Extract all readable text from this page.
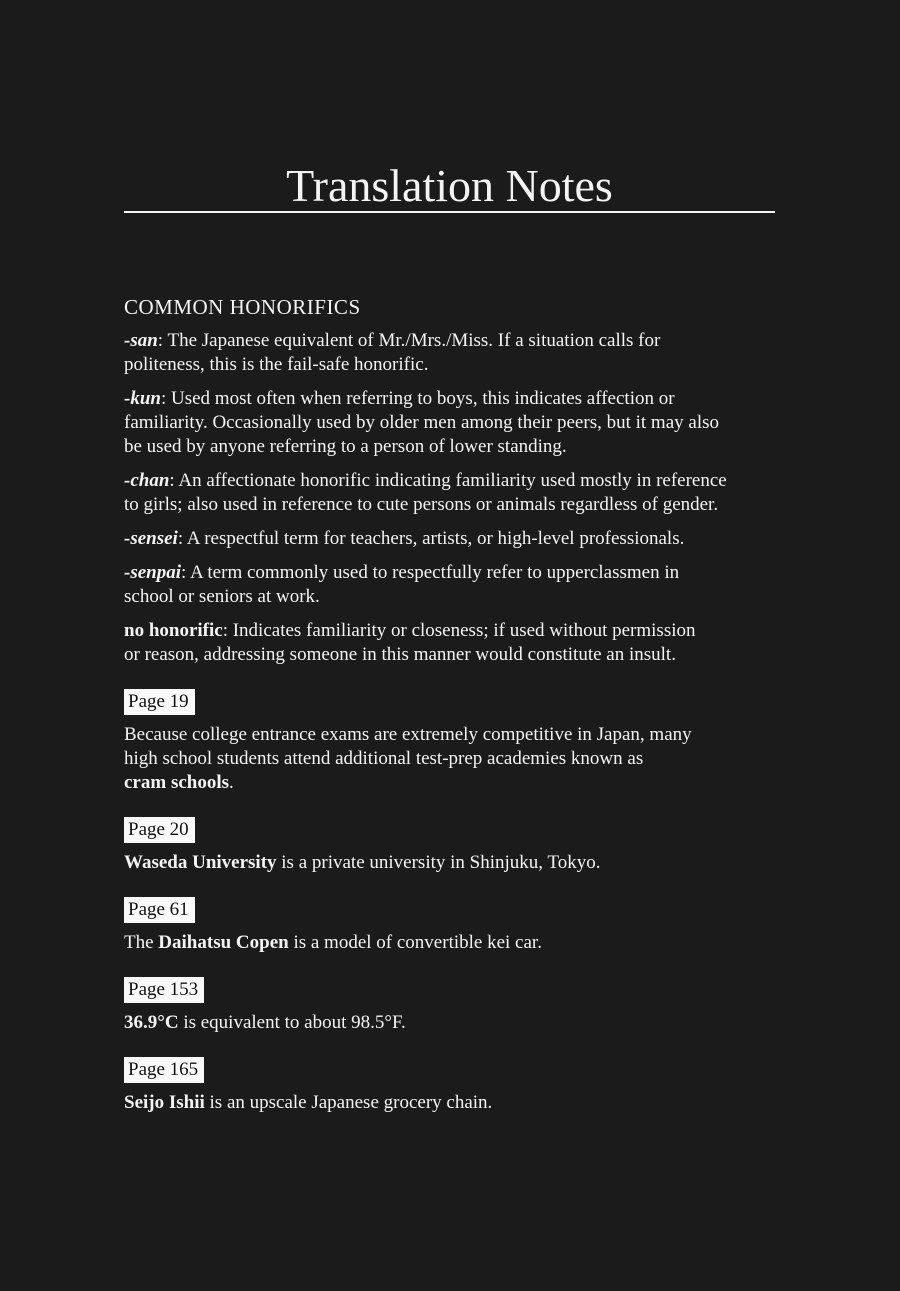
Translation Notes
COMMON HONORIFICS
-san: The Japanese equivalent of Mr./Mrs./Miss. If a situation calls for
politeness, this is the fail-safe honorific.
-kun: Used most often when referring to boys, this indicates affection or
familiarity. Occasionally used by older men among their peers, but it may also
be used by anyone referring to a person of lower standing.
-chan: An affectionate honorific indicating familiarity used mostly in reference
to girls; also used in reference to cute persons or animals regardless of gender.
-sensei: A respectful term for teachers, artists, or high-level professionals.
-senpai: A term commonly used to respectfully refer to upperclassmen in
school or seniors at work.
no honorific: Indicates familiarity or closeness; if used without permission
or reason, addressing someone in this manner would constitute an insult.
Page 19
Because college entrance exams are extremely competitive in Japan, many
high school students attend additional test-prep academies known as
cram schools.
Page 20
Waseda University is a private university in Shinjuku, Tokyo.
Page 61
The Daihatsu Copen is a model of convertible kei car.
Page 153
36.9°C is equivalent to about 98.5°F.
Page 165
Seijo Ishii is an upscale Japanese grocery chain.
